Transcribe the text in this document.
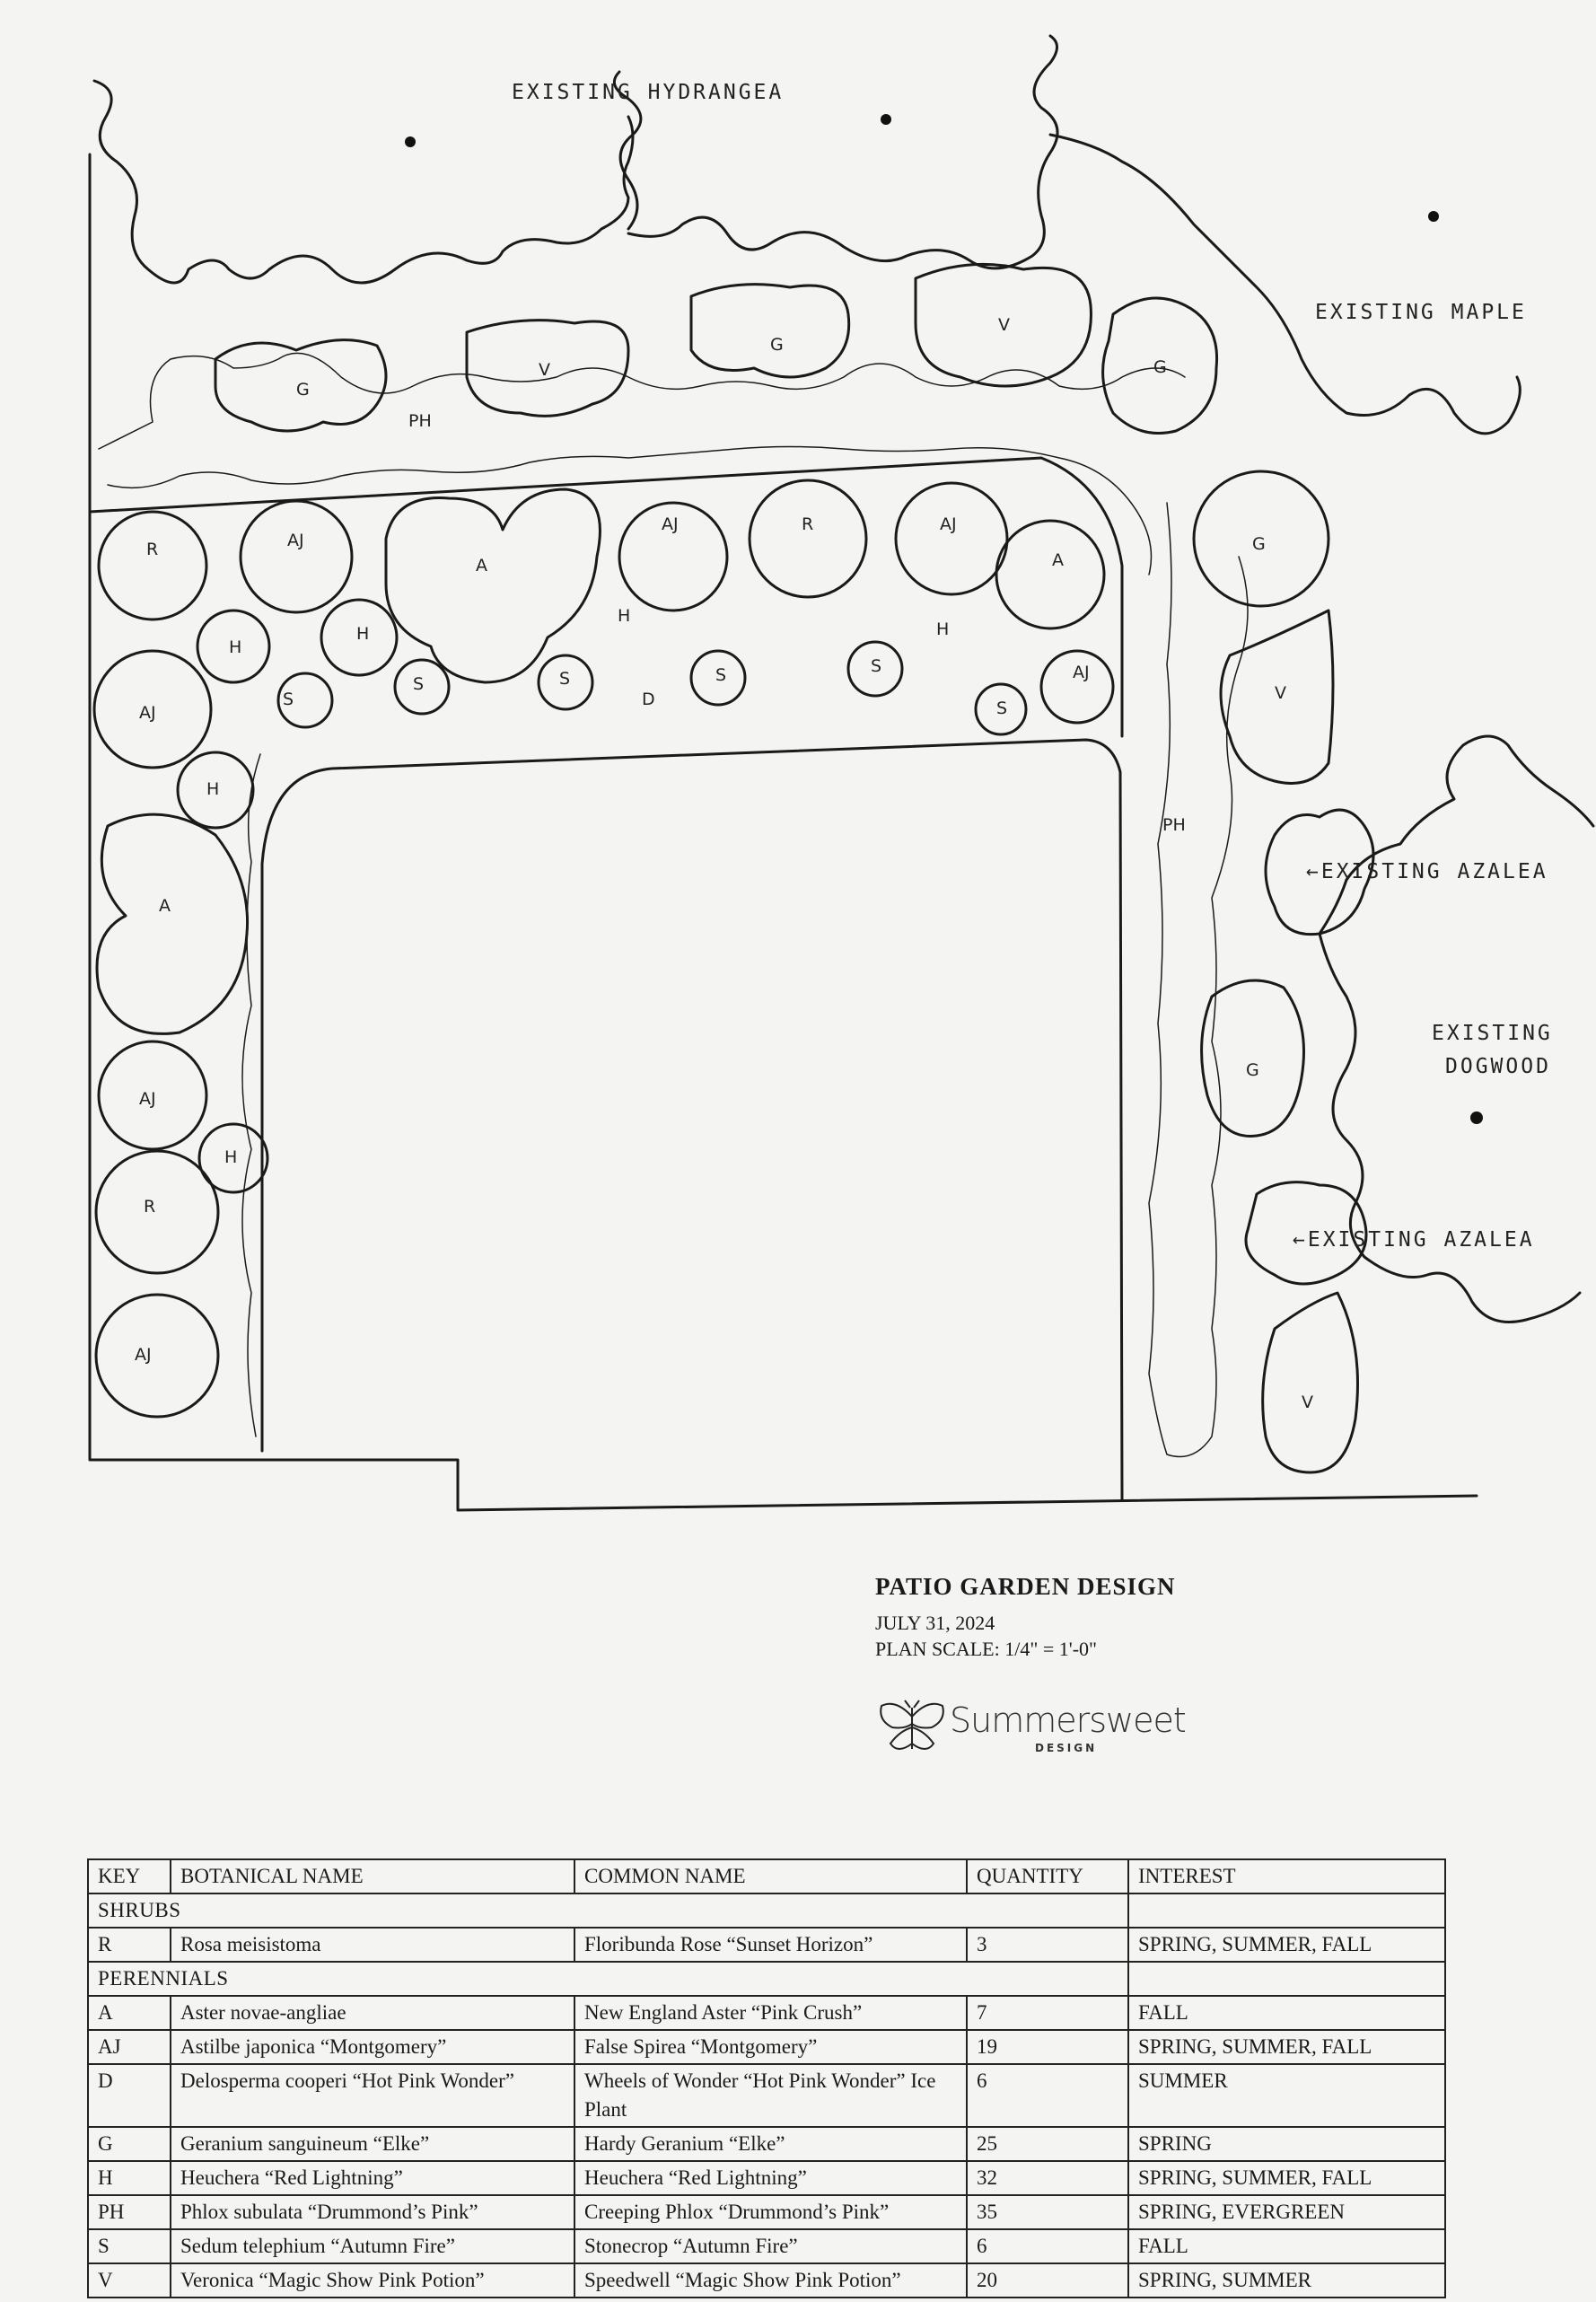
EXISTING HYDRANGEA
EXISTING MAPLE
←EXISTING AZALEA
EXISTING
DOGWOOD
←EXISTING AZALEA
G
PH
V
G
V
G
R	AJ
A
AJ	R	AJ
A
H
H
H
H
S
S	S	S	S
S
D
AJ
AJ
H
A
AJ
H
R
AJ
G
V
PH
G
V
PATIO GARDEN DESIGN
JULY 31, 2024
PLAN SCALE: 1/4" = 1'-0"
Summersweet
DESIGN
KEY	BOTANICAL NAME	COMMON NAME	QUANTITY	INTEREST
SHRUBS				
R	Rosa meisistoma	Floribunda Rose “Sunset Horizon”	3	SPRING, SUMMER, FALL
PERENNIALS				
A	Aster novae-angliae	New England Aster “Pink Crush”	7	FALL
AJ	Astilbe japonica “Montgomery”	False Spirea “Montgomery”	19	SPRING, SUMMER, FALL
D	Delosperma cooperi “Hot Pink Wonder”	Wheels of Wonder “Hot Pink Wonder” Ice Plant	6	SUMMER
G	Geranium sanguineum “Elke”	Hardy Geranium “Elke”	25	SPRING
H	Heuchera “Red Lightning”	Heuchera “Red Lightning”	32	SPRING, SUMMER, FALL
PH	Phlox subulata “Drummond’s Pink”	Creeping Phlox “Drummond’s Pink”	35	SPRING, EVERGREEN
S	Sedum telephium “Autumn Fire”	Stonecrop “Autumn Fire”	6	FALL
V	Veronica “Magic Show Pink Potion”	Speedwell “Magic Show Pink Potion”	20	SPRING, SUMMER
